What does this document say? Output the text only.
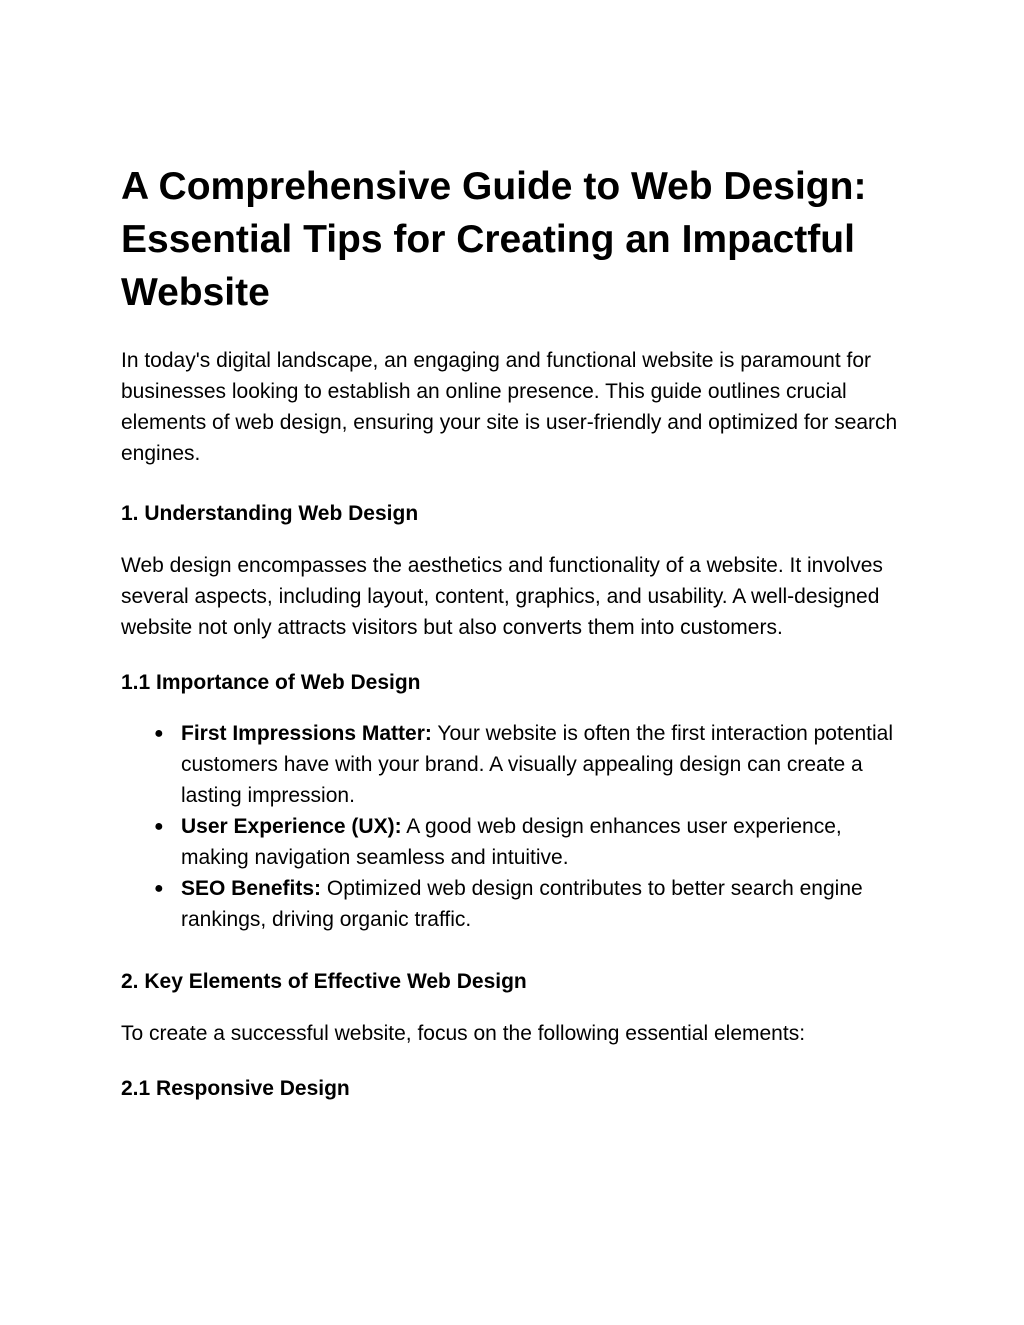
A Comprehensive Guide to Web Design: Essential Tips for Creating an Impactful Website

In today's digital landscape, an engaging and functional website is paramount for businesses looking to establish an online presence. This guide outlines crucial elements of web design, ensuring your site is user-friendly and optimized for search engines.

1. Understanding Web Design

Web design encompasses the aesthetics and functionality of a website. It involves several aspects, including layout, content, graphics, and usability. A well-designed website not only attracts visitors but also converts them into customers.

1.1 Importance of Web Design
● First Impressions Matter: Your website is often the first interaction potential customers have with your brand. A visually appealing design can create a lasting impression.
● User Experience (UX): A good web design enhances user experience, making navigation seamless and intuitive.
● SEO Benefits: Optimized web design contributes to better search engine rankings, driving organic traffic.
2. Key Elements of Effective Web Design

To create a successful website, focus on the following essential elements:

2.1 Responsive Design
